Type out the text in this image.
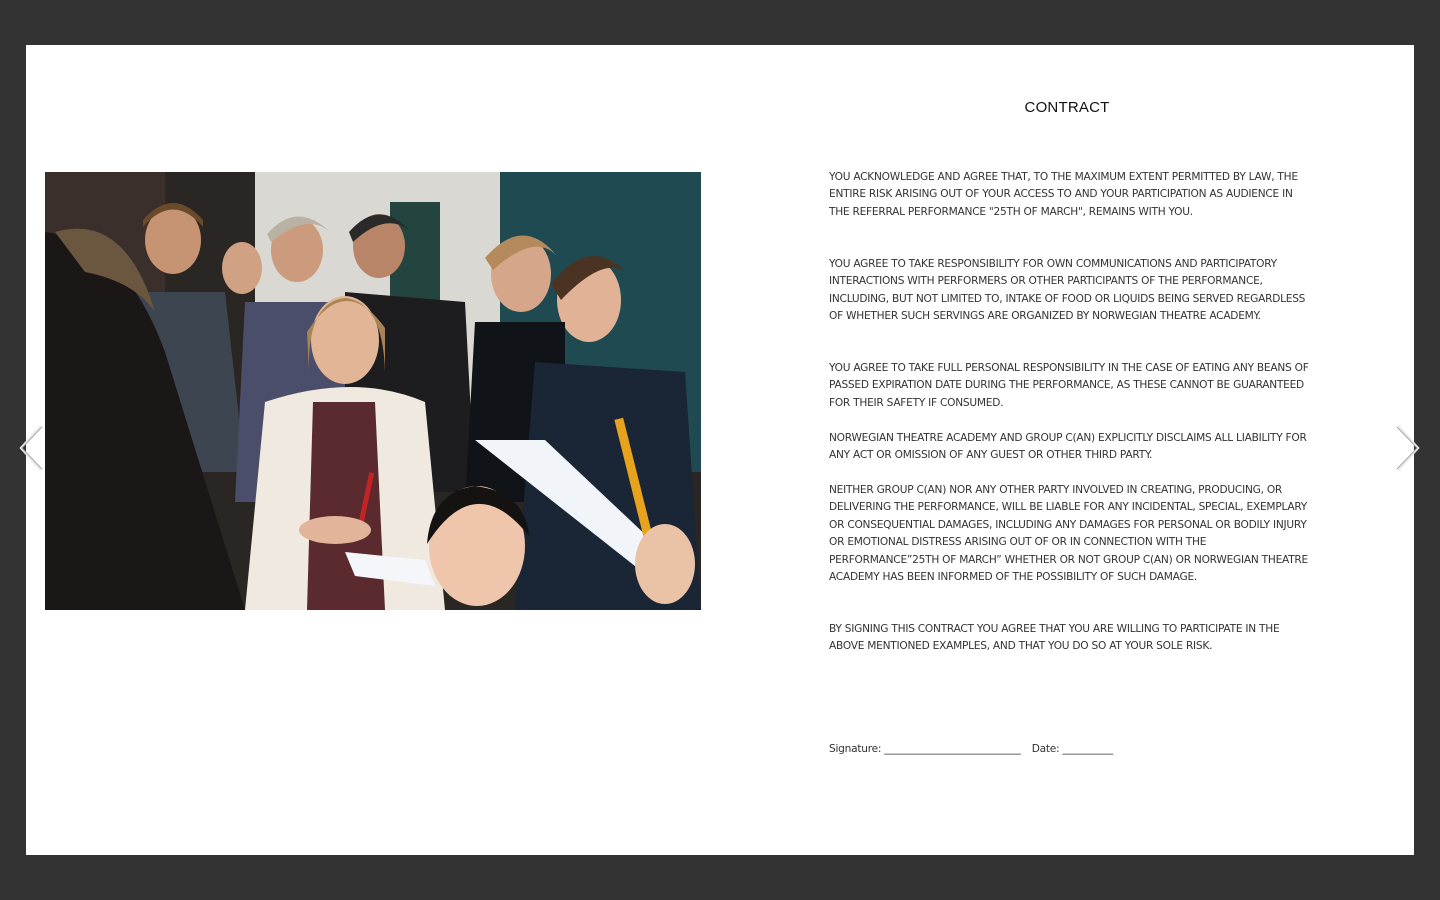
CONTRACT

YOU ACKNOWLEDGE AND AGREE THAT, TO THE MAXIMUM EXTENT PERMITTED BY LAW, THE ENTIRE RISK ARISING OUT OF YOUR ACCESS TO AND YOUR PARTICIPATION AS AUDIENCE IN THE REFERRAL PERFORMANCE "25TH OF MARCH", REMAINS WITH YOU.

YOU AGREE TO TAKE RESPONSIBILITY FOR OWN COMMUNICATIONS AND PARTICIPATORY INTERACTIONS WITH PERFORMERS OR OTHER PARTICIPANTS OF THE PERFORMANCE, INCLUDING, BUT NOT LIMITED TO, INTAKE OF FOOD OR LIQUIDS BEING SERVED REGARDLESS OF WHETHER SUCH SERVINGS ARE ORGANIZED BY NORWEGIAN THEATRE ACADEMY.

YOU AGREE TO TAKE FULL PERSONAL RESPONSIBILITY IN THE CASE OF EATING ANY BEANS OF PASSED EXPIRATION DATE DURING THE PERFORMANCE, AS THESE CANNOT BE GUARANTEED FOR THEIR SAFETY IF CONSUMED.

NORWEGIAN THEATRE ACADEMY AND GROUP C(AN) EXPLICITLY DISCLAIMS ALL LIABILITY FOR ANY ACT OR OMISSION OF ANY GUEST OR OTHER THIRD PARTY.

NEITHER GROUP C(AN) NOR ANY OTHER PARTY INVOLVED IN CREATING, PRODUCING, OR DELIVERING THE PERFORMANCE, WILL BE LIABLE FOR ANY INCIDENTAL, SPECIAL, EXEMPLARY OR CONSEQUENTIAL DAMAGES, INCLUDING ANY DAMAGES FOR PERSONAL OR BODILY INJURY OR EMOTIONAL DISTRESS ARISING OUT OF OR IN CONNECTION WITH THE PERFORMANCE”25TH OF MARCH” WHETHER OR NOT GROUP C(AN) OR NORWEGIAN THEATRE ACADEMY HAS BEEN INFORMED OF THE POSSIBILITY OF SUCH DAMAGE.

BY SIGNING THIS CONTRACT YOU AGREE THAT YOU ARE WILLING TO PARTICIPATE IN THE ABOVE MENTIONED EXAMPLES, AND THAT YOU DO SO AT YOUR SOLE RISK.

Signature: ___________________________ Date: __________
